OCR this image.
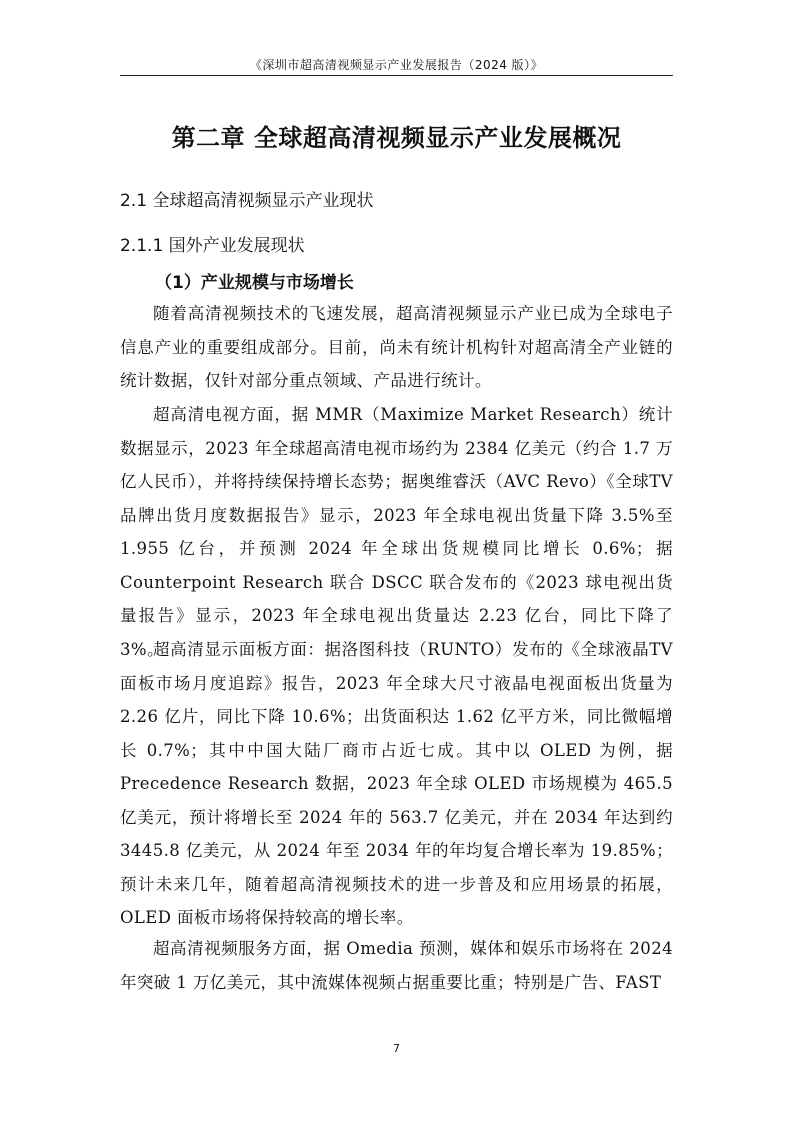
《深圳市超高清视频显示产业发展报告（2024 版）》
第二章 全球超高清视频显示产业发展概况
2.1 全球超高清视频显示产业现状
2.1.1 国外产业发展现状
（1）产业规模与市场增长

随着高清视频技术的飞速发展，超高清视频显示产业已成为全球电子信息产业的重要组成部分。目前，尚未有统计机构针对超高清全产业链的统计数据，仅针对部分重点领域、产品进行统计。

超高清电视方面，据 MMR（Maximize Market Research）统计数据显示，2023 年全球超高清电视市场约为 2384 亿美元（约合 1.7 万亿人民币），并将持续保持增长态势；据奥维睿沃（AVC Revo）《全球TV品牌出货月度数据报告》显示，2023 年全球电视出货量下降 3.5%至 1.955 亿台，并预测 2024 年全球出货规模同比增长 0.6%；据 Counterpoint Research 联合 DSCC 联合发布的《2023 球电视出货量报告》显示，2023 年全球电视出货量达 2.23 亿台，同比下降了 3%。

超高清显示面板方面：据洛图科技（RUNTO）发布的《全球液晶TV 面板市场月度追踪》报告，2023 年全球大尺寸液晶电视面板出货量为 2.26 亿片，同比下降 10.6%；出货面积达 1.62 亿平方米，同比微幅增长 0.7%；其中中国大陆厂商市占近七成。其中以 OLED 为例，据 Precedence Research 数据，2023 年全球 OLED 市场规模为 465.5 亿美元，预计将增长至 2024 年的 563.7 亿美元，并在 2034 年达到约 3445.8 亿美元，从 2024 年至 2034 年的年均复合增长率为 19.85%；预计未来几年，随着超高清视频技术的进一步普及和应用场景的拓展，OLED 面板市场将保持较高的增长率。

超高清视频服务方面，据 Omedia 预测，媒体和娱乐市场将在 2024 年突破 1 万亿美元，其中流媒体视频占据重要比重；特别是广告、FAST

7
